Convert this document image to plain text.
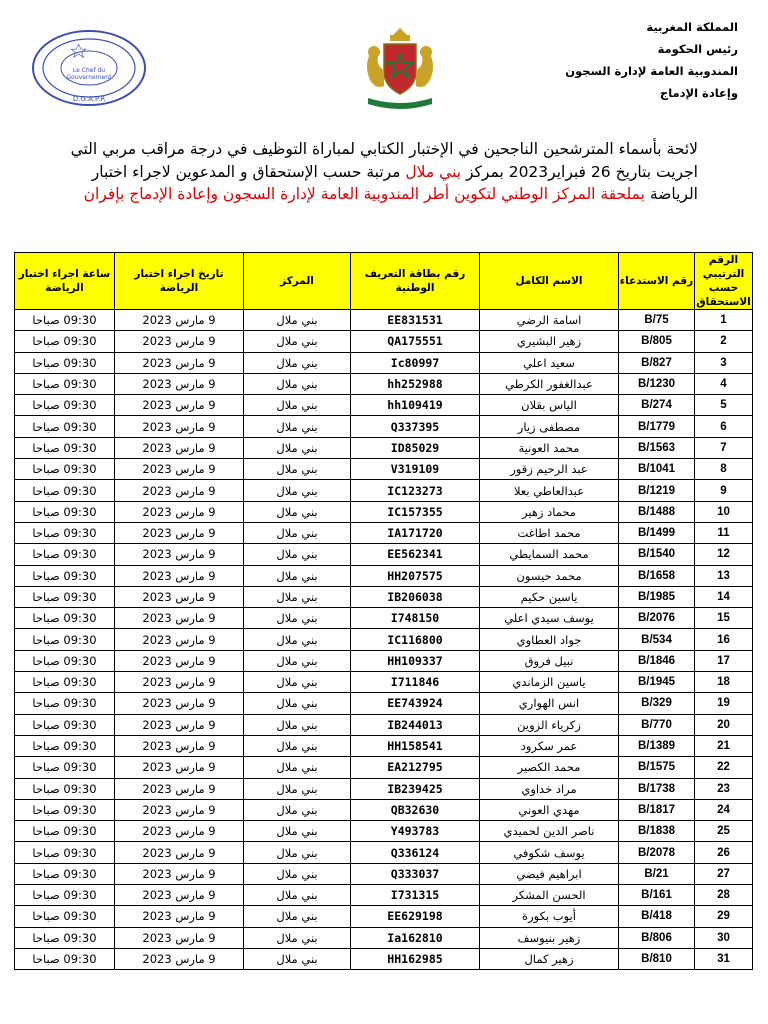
Le Chef du
Gouvernement
D.G.A.P.R
المملكة المغربية
رئيس الحكومة
المندوبية العامة لإدارة السجون
وإعادة الإدماج
لائحة بأسماء المترشحين الناجحين في الإختبار الكتابي لمباراة التوظيف في درجة مراقب مربي التي اجريت بتاريخ 26 فبراير2023 بمركز بني ملال مرتبة حسب الإستحقاق و المدعوين لاجراء اختبار الرياضة بملحقة المركز الوطني لتكوين أطر المندوبية العامة لإدارة السجون وإعادة الإدماج بإفران
الرقم الترتيبي حسب الاستحقاق	رقم الاستدعاء	الاسم الكامل	رقم بطاقة التعريف الوطنية	المركز	تاريخ اجراء اختبار الرياضة	ساعة اجراء اختبار الرياضة
1	B/75	اسامة الرضي	EE831531	بني ملال	9 مارس 2023	09:30 صباحا
2	B/805	زهير البشيري	QA175551	بني ملال	9 مارس 2023	09:30 صباحا
3	B/827	سعيد اعلي	Ic80997	بني ملال	9 مارس 2023	09:30 صباحا
4	B/1230	عبدالغفور الكرطي	hh252988	بني ملال	9 مارس 2023	09:30 صباحا
5	B/274	الياس بقلان	hh109419	بني ملال	9 مارس 2023	09:30 صباحا
6	B/1779	مصطفى زيار	Q337395	بني ملال	9 مارس 2023	09:30 صباحا
7	B/1563	محمد العونية	ID85029	بني ملال	9 مارس 2023	09:30 صباحا
8	B/1041	عبد الرحيم زقور	V319109	بني ملال	9 مارس 2023	09:30 صباحا
9	B/1219	عبدالعاطي بعلا	IC123273	بني ملال	9 مارس 2023	09:30 صباحا
10	B/1488	محماد زهير	IC157355	بني ملال	9 مارس 2023	09:30 صباحا
11	B/1499	محمد اطاغت	IA171720	بني ملال	9 مارس 2023	09:30 صباحا
12	B/1540	محمد السمايطي	EE562341	بني ملال	9 مارس 2023	09:30 صباحا
13	B/1658	محمد حيسون	HH207575	بني ملال	9 مارس 2023	09:30 صباحا
14	B/1985	ياسين حكيم	IB206038	بني ملال	9 مارس 2023	09:30 صباحا
15	B/2076	يوسف سيدي اعلي	I748150	بني ملال	9 مارس 2023	09:30 صباحا
16	B/534	جواد العطاوي	IC116800	بني ملال	9 مارس 2023	09:30 صباحا
17	B/1846	نبيل فروق	HH109337	بني ملال	9 مارس 2023	09:30 صباحا
18	B/1945	ياسين الزماندي	I711846	بني ملال	9 مارس 2023	09:30 صباحا
19	B/329	انس الهواري	EE743924	بني ملال	9 مارس 2023	09:30 صباحا
20	B/770	زكرياء الزوين	IB244013	بني ملال	9 مارس 2023	09:30 صباحا
21	B/1389	عمر سكرود	HH158541	بني ملال	9 مارس 2023	09:30 صباحا
22	B/1575	محمد الكصير	EA212795	بني ملال	9 مارس 2023	09:30 صباحا
23	B/1738	مراد خداوي	IB239425	بني ملال	9 مارس 2023	09:30 صباحا
24	B/1817	مهدي العوني	QB32630	بني ملال	9 مارس 2023	09:30 صباحا
25	B/1838	ناصر الدين لحميدي	Y493783	بني ملال	9 مارس 2023	09:30 صباحا
26	B/2078	يوسف شكوفي	Q336124	بني ملال	9 مارس 2023	09:30 صباحا
27	B/21	ابراهيم فيضي	Q333037	بني ملال	9 مارس 2023	09:30 صباحا
28	B/161	الحسن المشكر	I731315	بني ملال	9 مارس 2023	09:30 صباحا
29	B/418	أيوب بكورة	EE629198	بني ملال	9 مارس 2023	09:30 صباحا
30	B/806	زهير بنيوسف	Ia162810	بني ملال	9 مارس 2023	09:30 صباحا
31	B/810	زهير كمال	HH162985	بني ملال	9 مارس 2023	09:30 صباحا
